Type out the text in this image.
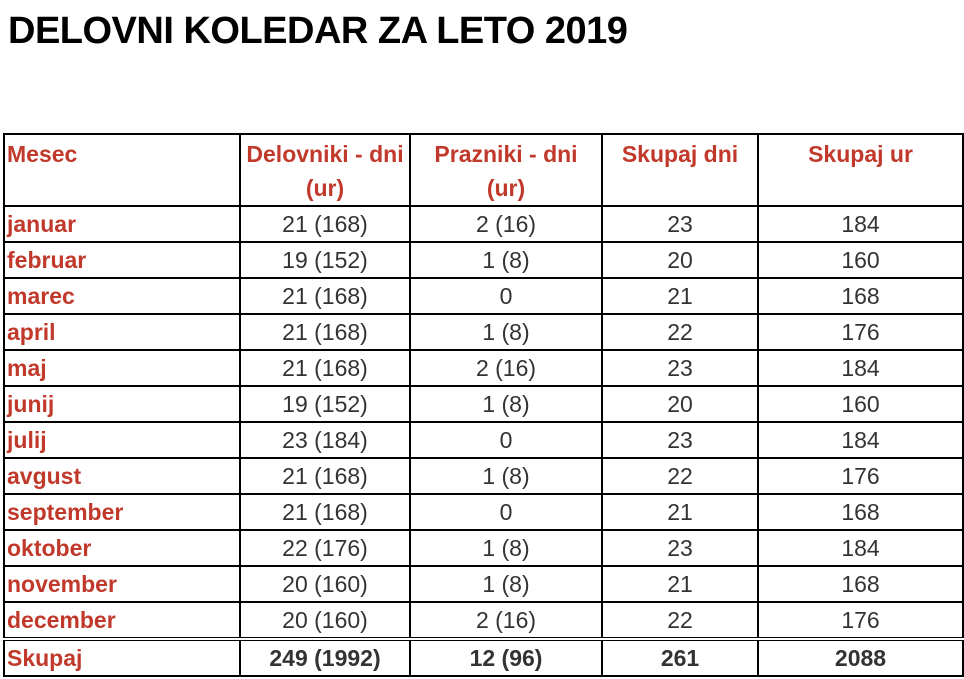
DELOVNI KOLEDAR ZA LETO 2019
Mesec	Delovniki - dni (ur)	Prazniki - dni (ur)	Skupaj dni	Skupaj ur
januar	21 (168)	2 (16)	23	184
februar	19 (152)	1 (8)	20	160
marec	21 (168)	0	21	168
april	21 (168)	1 (8)	22	176
maj	21 (168)	2 (16)	23	184
junij	19 (152)	1 (8)	20	160
julij	23 (184)	0	23	184
avgust	21 (168)	1 (8)	22	176
september	21 (168)	0	21	168
oktober	22 (176)	1 (8)	23	184
november	20 (160)	1 (8)	21	168
december	20 (160)	2 (16)	22	176
Skupaj	249 (1992)	12 (96)	261	2088
